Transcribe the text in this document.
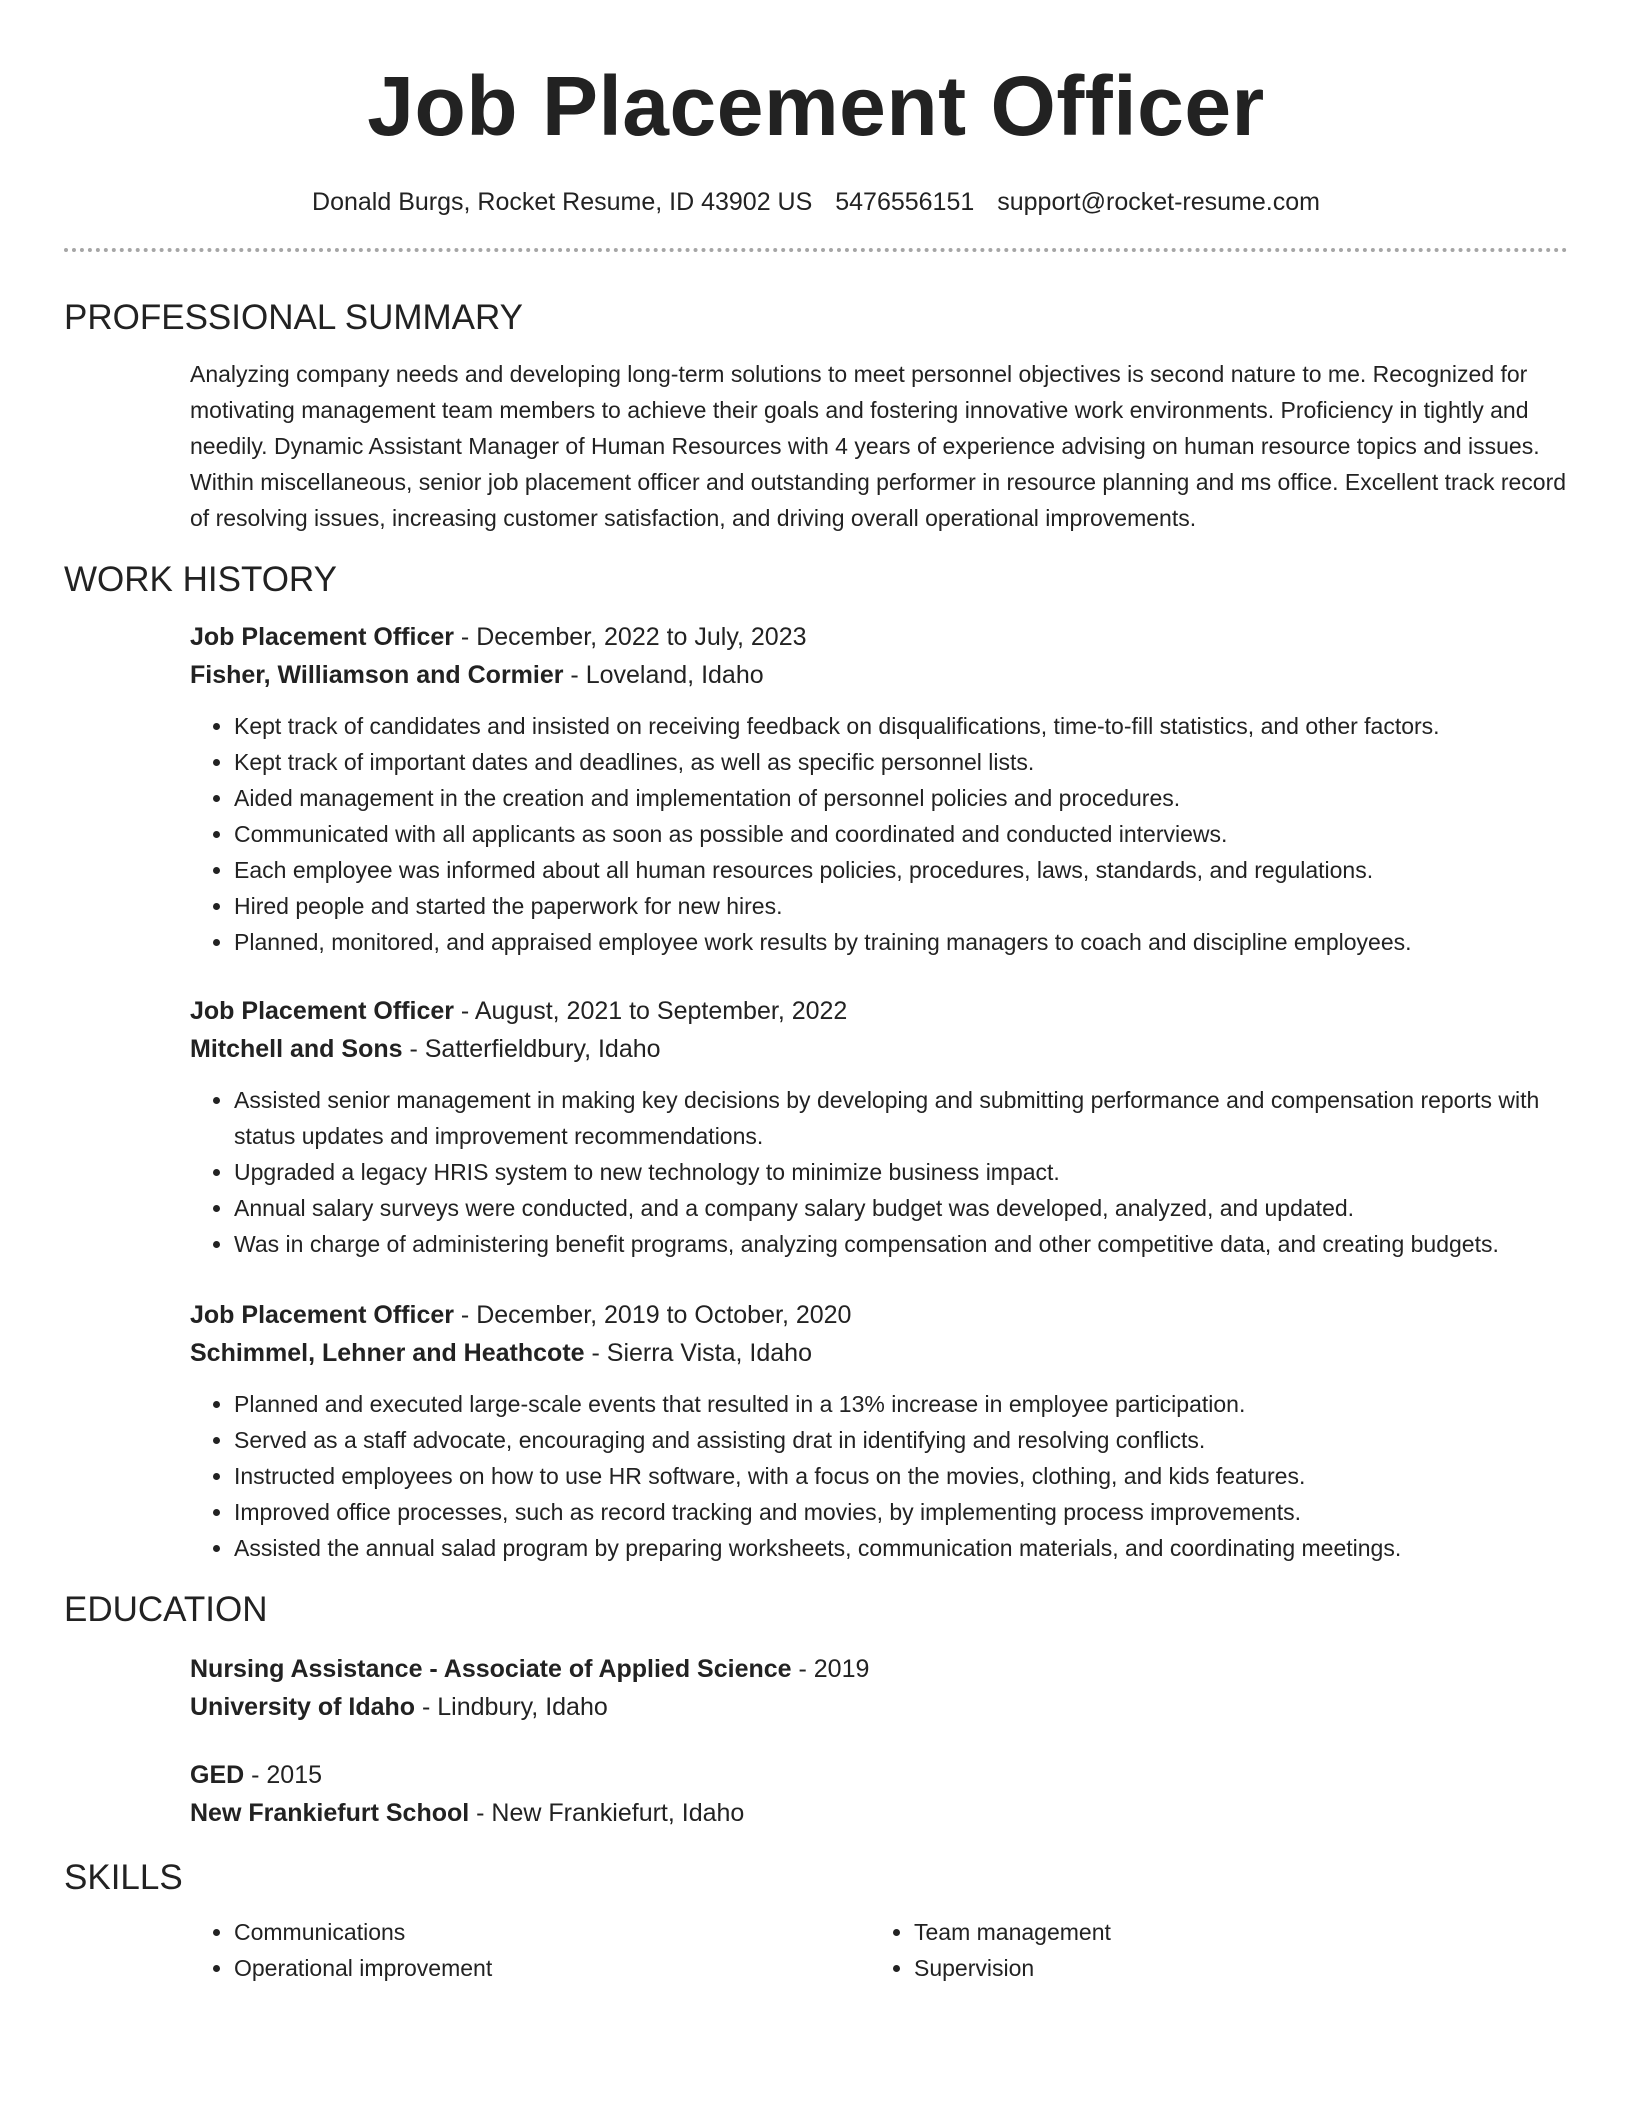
Job Placement Officer
Donald Burgs, Rocket Resume, ID 43902 US 5476556151 support@rocket-resume.com
PROFESSIONAL SUMMARY

Analyzing company needs and developing long-term solutions to meet personnel objectives is second nature to me. Recognized for motivating management team members to achieve their goals and fostering innovative work environments. Proficiency in tightly and needily. Dynamic Assistant Manager of Human Resources with 4 years of experience advising on human resource topics and issues. Within miscellaneous, senior job placement officer and outstanding performer in resource planning and ms office. Excellent track record of resolving issues, increasing customer satisfaction, and driving overall operational improvements.

WORK HISTORY
Job Placement Officer - December, 2022 to July, 2023
Fisher, Williamson and Cormier - Loveland, Idaho
• Kept track of candidates and insisted on receiving feedback on disqualifications, time-to-fill statistics, and other factors.
• Kept track of important dates and deadlines, as well as specific personnel lists.
• Aided management in the creation and implementation of personnel policies and procedures.
• Communicated with all applicants as soon as possible and coordinated and conducted interviews.
• Each employee was informed about all human resources policies, procedures, laws, standards, and regulations.
• Hired people and started the paperwork for new hires.
• Planned, monitored, and appraised employee work results by training managers to coach and discipline employees.
Job Placement Officer - August, 2021 to September, 2022
Mitchell and Sons - Satterfieldbury, Idaho
• Assisted senior management in making key decisions by developing and submitting performance and compensation reports with status updates and improvement recommendations.
• Upgraded a legacy HRIS system to new technology to minimize business impact.
• Annual salary surveys were conducted, and a company salary budget was developed, analyzed, and updated.
• Was in charge of administering benefit programs, analyzing compensation and other competitive data, and creating budgets.
Job Placement Officer - December, 2019 to October, 2020
Schimmel, Lehner and Heathcote - Sierra Vista, Idaho
• Planned and executed large-scale events that resulted in a 13% increase in employee participation.
• Served as a staff advocate, encouraging and assisting drat in identifying and resolving conflicts.
• Instructed employees on how to use HR software, with a focus on the movies, clothing, and kids features.
• Improved office processes, such as record tracking and movies, by implementing process improvements.
• Assisted the annual salad program by preparing worksheets, communication materials, and coordinating meetings.
EDUCATION
Nursing Assistance - Associate of Applied Science - 2019
University of Idaho - Lindbury, Idaho
GED - 2015
New Frankiefurt School - New Frankiefurt, Idaho
SKILLS
• Communications
• Operational improvement
• Team management
• Supervision
